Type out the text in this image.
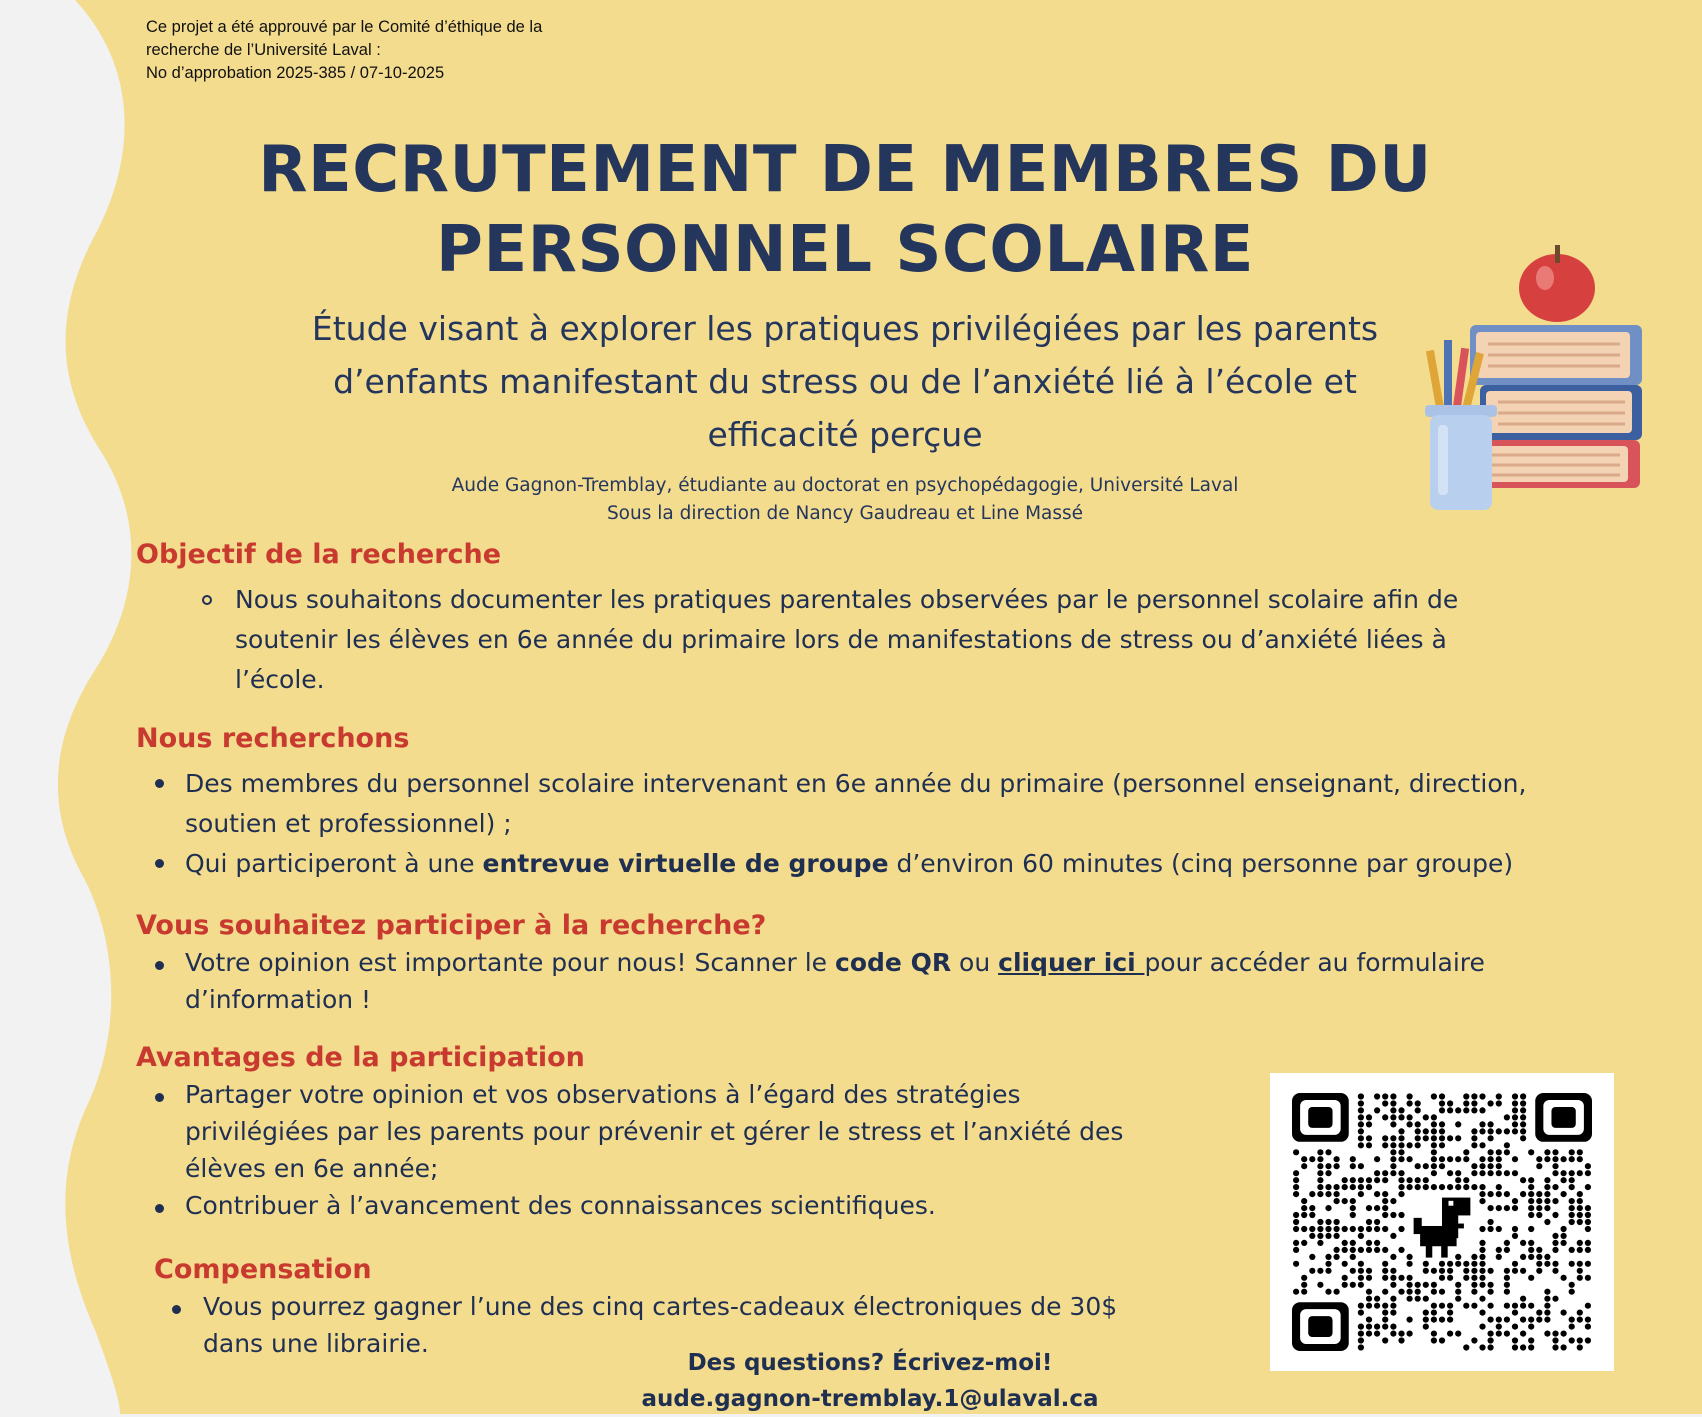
Ce projet a été approuvé par le Comité d’éthique de la
recherche de l’Université Laval :
No d’approbation 2025-385 / 07-10-2025
RECRUTEMENT DE MEMBRES DU
PERSONNEL SCOLAIRE
Étude visant à explorer les pratiques privilégiées par les parents
d’enfants manifestant du stress ou de l’anxiété lié à l’école et
efficacité perçue
Aude Gagnon-Tremblay, étudiante au doctorat en psychopédagogie, Université Laval
Sous la direction de Nancy Gaudreau et Line Massé
Objectif de la recherche
Nous souhaitons documenter les pratiques parentales observées par le personnel scolaire afin de
soutenir les élèves en 6e année du primaire lors de manifestations de stress ou d’anxiété liées à
l’école.
Nous recherchons
Des membres du personnel scolaire intervenant en 6e année du primaire (personnel enseignant, direction,
soutien et professionnel) ;
Qui participeront à une entrevue virtuelle de groupe d’environ 60 minutes (cinq personne par groupe)
Vous souhaitez participer à la recherche?
Votre opinion est importante pour nous! Scanner le code QR ou cliquer ici pour accéder au formulaire
d’information !
Avantages de la participation
Partager votre opinion et vos observations à l’égard des stratégies
privilégiées par les parents pour prévenir et gérer le stress et l’anxiété des
élèves en 6e année;
Contribuer à l’avancement des connaissances scientifiques.
Compensation
Vous pourrez gagner l’une des cinq cartes-cadeaux électroniques de 30$
dans une librairie.
Des questions? Écrivez-moi!
aude.gagnon-tremblay.1@ulaval.ca
